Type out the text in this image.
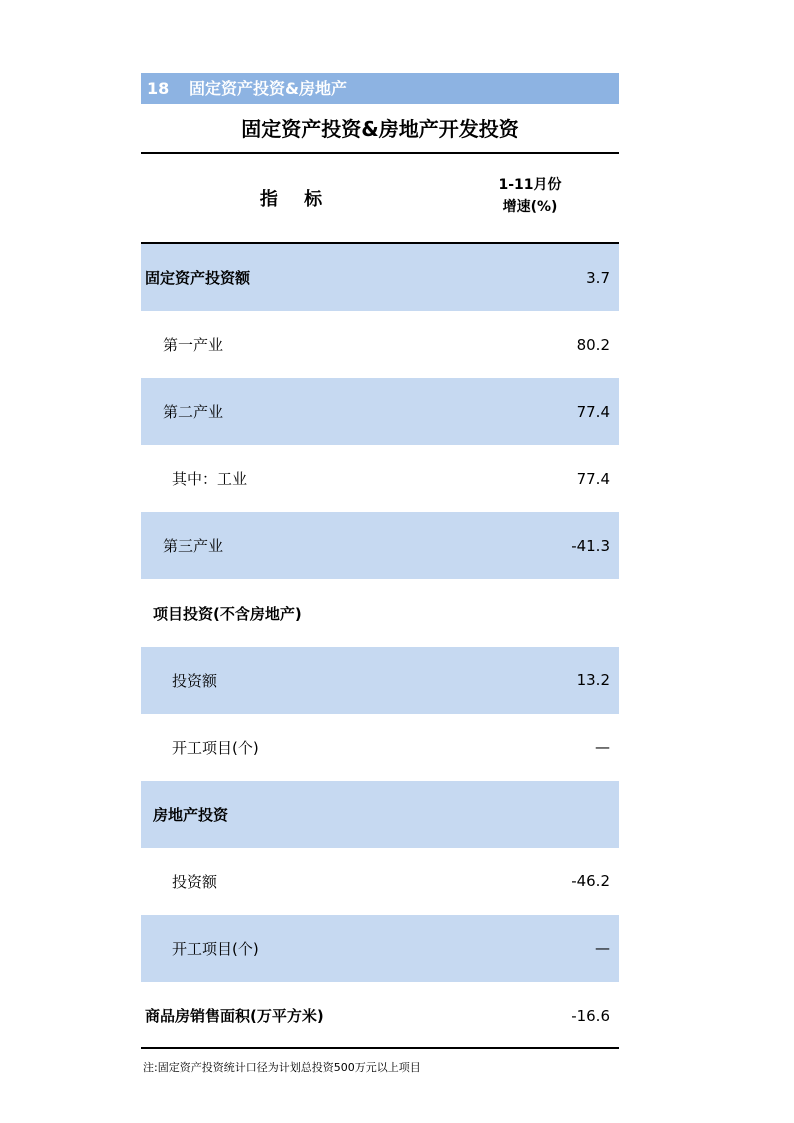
18 固定资产投资&房地产
固定资产投资&房地产开发投资
指 标
1-11月份
增速(%)
固定资产投资额	3.7
第一产业	80.2
第二产业	77.4
其中：工业	77.4
第三产业	-41.3
项目投资(不含房地产)
投资额	13.2
开工项目(个)	—
房地产投资
投资额	-46.2
开工项目(个)	—
商品房销售面积(万平方米)	-16.6
注:固定资产投资统计口径为计划总投资500万元以上项目
